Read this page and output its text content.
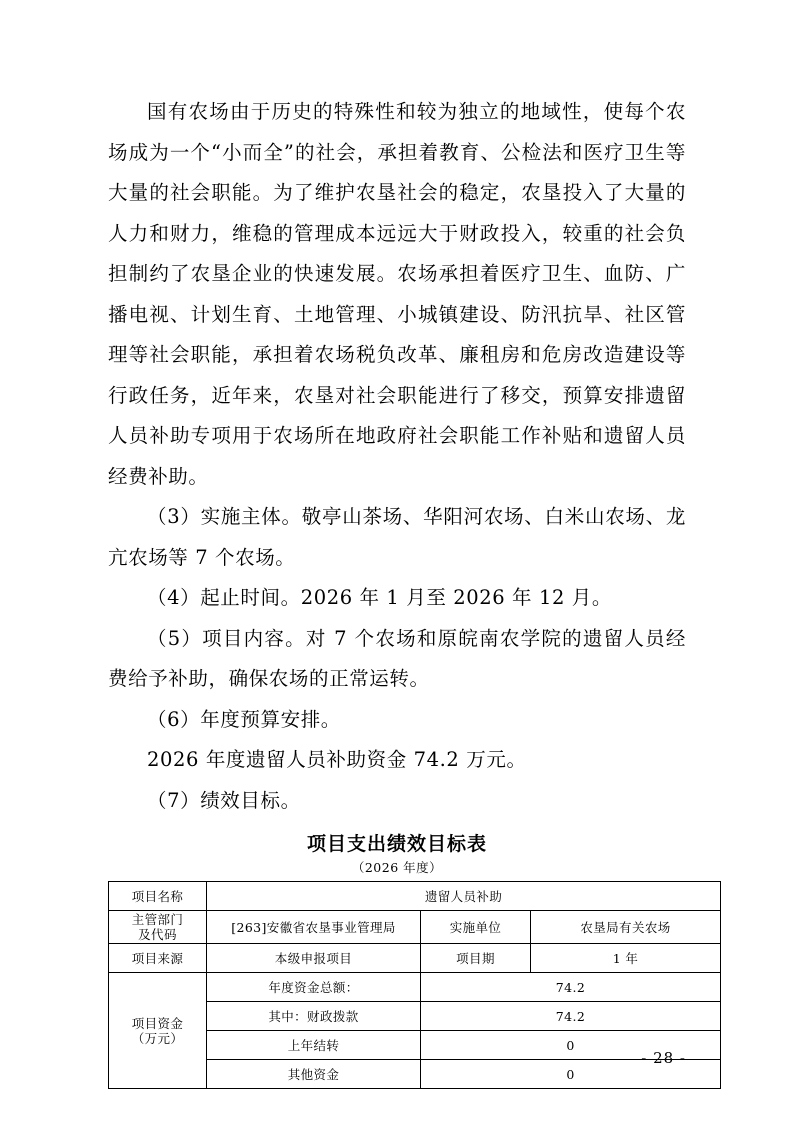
国有农场由于历史的特殊性和较为独立的地域性，使每个农场成为一个“小而全”的社会，承担着教育、公检法和医疗卫生等大量的社会职能。为了维护农垦社会的稳定，农垦投入了大量的人力和财力，维稳的管理成本远远大于财政投入，较重的社会负担制约了农垦企业的快速发展。农场承担着医疗卫生、血防、广播电视、计划生育、土地管理、小城镇建设、防汛抗旱、社区管理等社会职能，承担着农场税负改革、廉租房和危房改造建设等行政任务，近年来，农垦对社会职能进行了移交，预算安排遗留人员补助专项用于农场所在地政府社会职能工作补贴和遗留人员经费补助。

（3）实施主体。敬亭山茶场、华阳河农场、白米山农场、龙亢农场等 7 个农场。

（4）起止时间。2026 年 1 月至 2026 年 12 月。

（5）项目内容。对 7 个农场和原皖南农学院的遗留人员经费给予补助，确保农场的正常运转。

（6）年度预算安排。

2026 年度遗留人员补助资金 74.2 万元。

（7）绩效目标。

项目支出绩效目标表
（2026 年度）
项目名称	遗留人员补助		

主管部门
及代码	[263]安徽省农垦事业管理局	实施单位	农垦局有关农场
项目来源	本级申报项目	项目期	1 年

项目资金
（万元）	年度资金总额：	74.2	
	其中：财政拨款	74.2	
	上年结转	0	
	其他资金	0	
- 28 -
